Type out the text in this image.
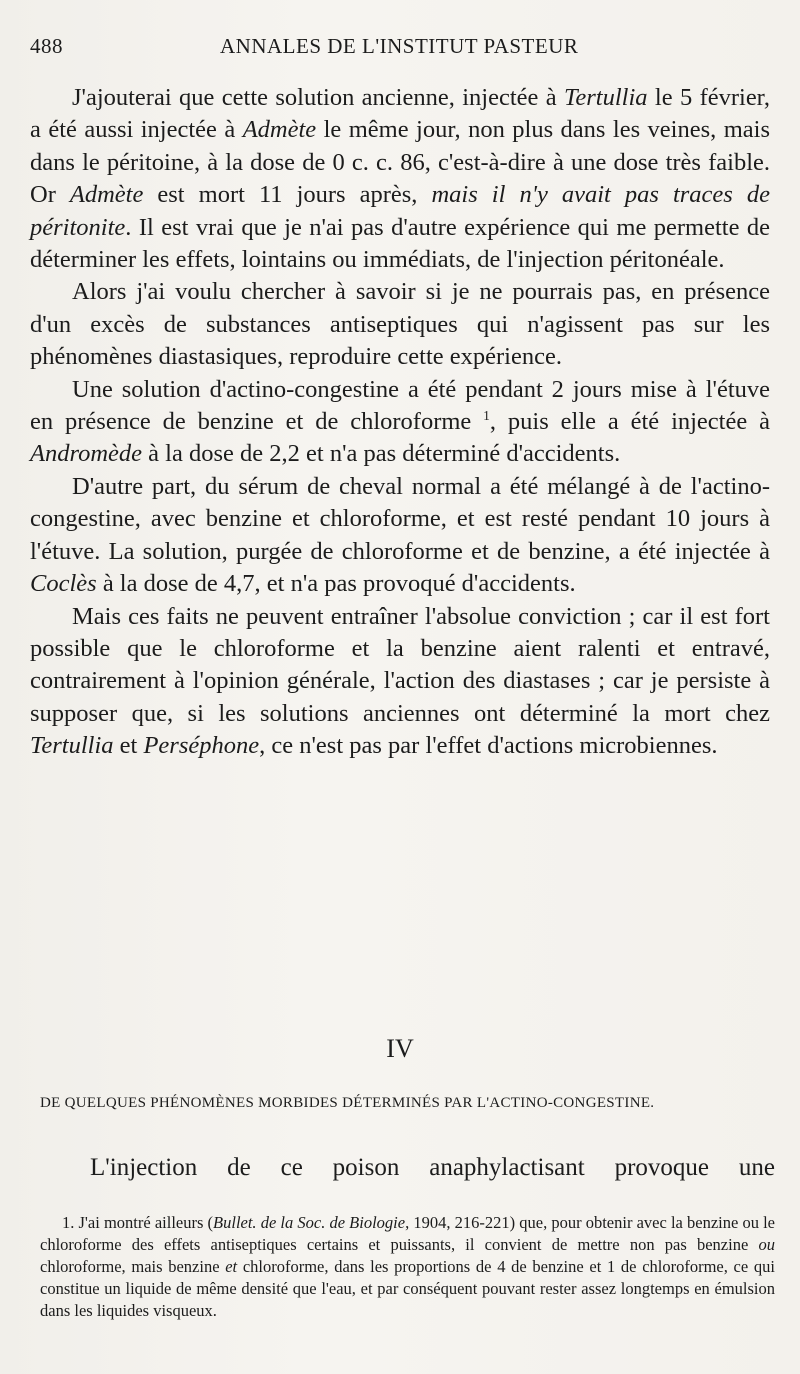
488	ANNALES DE L'INSTITUT PASTEUR

J'ajouterai que cette solution ancienne, injectée à Tertullia le 5 février, a été aussi injectée à Admète le même jour, non plus dans les veines, mais dans le péritoine, à la dose de 0 c. c. 86, c'est-à-dire à une dose très faible. Or Admète est mort 11 jours après, mais il n'y avait pas traces de péritonite. Il est vrai que je n'ai pas d'autre expérience qui me permette de déterminer les effets, lointains ou immédiats, de l'injection péritonéale.

Alors j'ai voulu chercher à savoir si je ne pourrais pas, en présence d'un excès de substances antiseptiques qui n'agissent pas sur les phénomènes diastasiques, reproduire cette expérience.

Une solution d'actino-congestine a été pendant 2 jours mise à l'étuve en présence de benzine et de chloroforme $^1$, puis elle a été injectée à Andromède à la dose de 2,2 et n'a pas déterminé d'accidents.

D'autre part, du sérum de cheval normal a été mélangé à de l'actino-congestine, avec benzine et chloroforme, et est resté pendant 10 jours à l'étuve. La solution, purgée de chloroforme et de benzine, a été injectée à Coclès à la dose de 4,7, et n'a pas provoqué d'accidents.

Mais ces faits ne peuvent entraîner l'absolue conviction ; car il est fort possible que le chloroforme et la benzine aient ralenti et entravé, contrairement à l'opinion générale, l'action des diastases ; car je persiste à supposer que, si les solutions anciennes ont déterminé la mort chez Tertullia et Perséphone, ce n'est pas par l'effet d'actions microbiennes.

IV
DE QUELQUES PHÉNOMÈNES MORBIDES DÉTERMINÉS PAR L'ACTINO-CONGESTINE.
L'injection de ce poison anaphylactisant provoque une

1. J'ai montré ailleurs (Bullet. de la Soc. de Biologie, 1904, 216-221) que, pour obtenir avec la benzine ou le chloroforme des effets antiseptiques certains et puissants, il convient de mettre non pas benzine ou chloroforme, mais benzine et chloroforme, dans les proportions de 4 de benzine et 1 de chloroforme, ce qui constitue un liquide de même densité que l'eau, et par conséquent pouvant rester assez longtemps en émulsion dans les liquides visqueux.
